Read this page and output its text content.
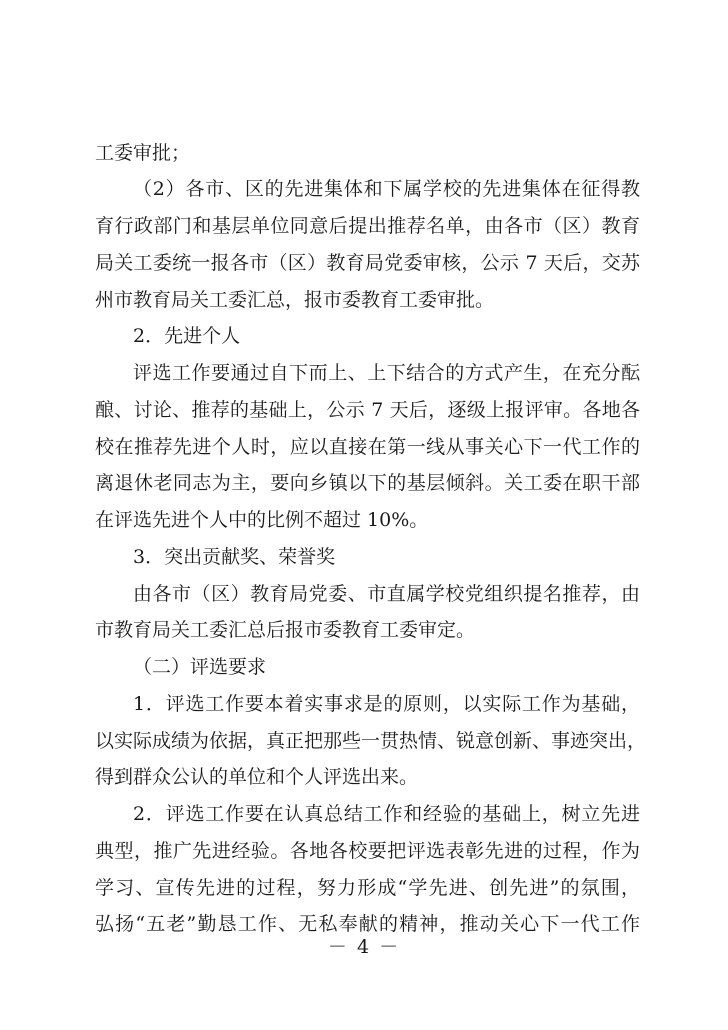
工委审批；
（2）各市、区的先进集体和下属学校的先进集体在征得教
育行政部门和基层单位同意后提出推荐名单，由各市（区）教育
局关工委统一报各市（区）教育局党委审核，公示 7 天后，交苏
州市教育局关工委汇总，报市委教育工委审批。
2．先进个人
评选工作要通过自下而上、上下结合的方式产生，在充分酝
酿、讨论、推荐的基础上，公示 7 天后，逐级上报评审。各地各
校在推荐先进个人时，应以直接在第一线从事关心下一代工作的
离退休老同志为主，要向乡镇以下的基层倾斜。关工委在职干部
在评选先进个人中的比例不超过 10%。
3．突出贡献奖、荣誉奖
由各市（区）教育局党委、市直属学校党组织提名推荐，由
市教育局关工委汇总后报市委教育工委审定。
（二）评选要求
1．评选工作要本着实事求是的原则，以实际工作为基础，
以实际成绩为依据，真正把那些一贯热情、锐意创新、事迹突出，
得到群众公认的单位和个人评选出来。
2．评选工作要在认真总结工作和经验的基础上，树立先进
典型，推广先进经验。各地各校要把评选表彰先进的过程，作为
学习、宣传先进的过程，努力形成“学先进、创先进”的氛围，
弘扬“五老”勤恳工作、无私奉献的精神，推动关心下一代工作
－ 4 －
